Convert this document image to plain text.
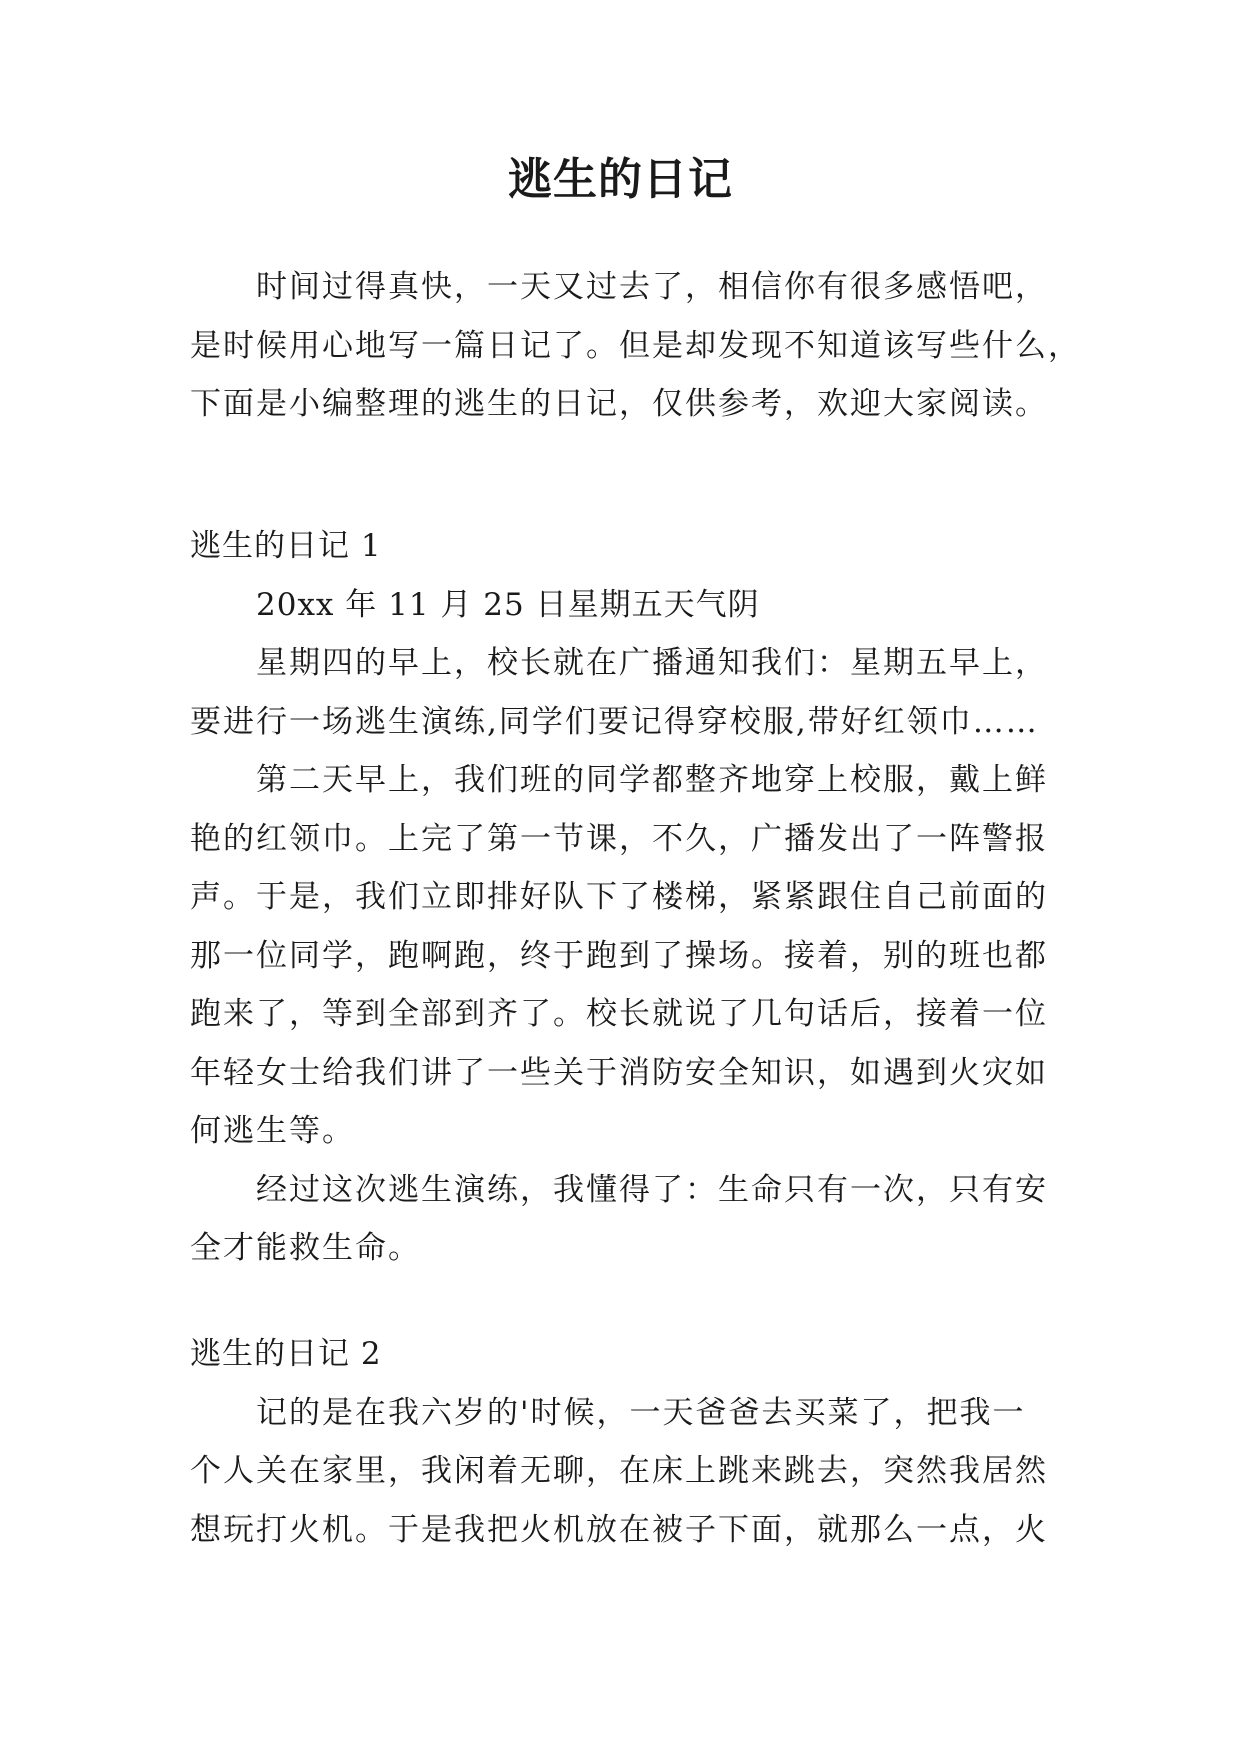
逃生的日记
时间过得真快，一天又过去了，相信你有很多感悟吧，
是时候用心地写一篇日记了。但是却发现不知道该写些什么，
下面是小编整理的逃生的日记，仅供参考，欢迎大家阅读。
逃生的日记 1
20xx 年 11 月 25 日星期五天气阴
星期四的早上，校长就在广播通知我们：星期五早上，
要进行一场逃生演练,同学们要记得穿校服,带好红领巾……
第二天早上，我们班的同学都整齐地穿上校服，戴上鲜
艳的红领巾。上完了第一节课，不久，广播发出了一阵警报
声。于是，我们立即排好队下了楼梯，紧紧跟住自己前面的
那一位同学，跑啊跑，终于跑到了操场。接着，别的班也都
跑来了，等到全部到齐了。校长就说了几句话后，接着一位
年轻女士给我们讲了一些关于消防安全知识，如遇到火灾如
何逃生等。
经过这次逃生演练，我懂得了：生命只有一次，只有安
全才能救生命。
逃生的日记 2
记的是在我六岁的'时候，一天爸爸去买菜了，把我一
个人关在家里，我闲着无聊，在床上跳来跳去，突然我居然
想玩打火机。于是我把火机放在被子下面，就那么一点，火
